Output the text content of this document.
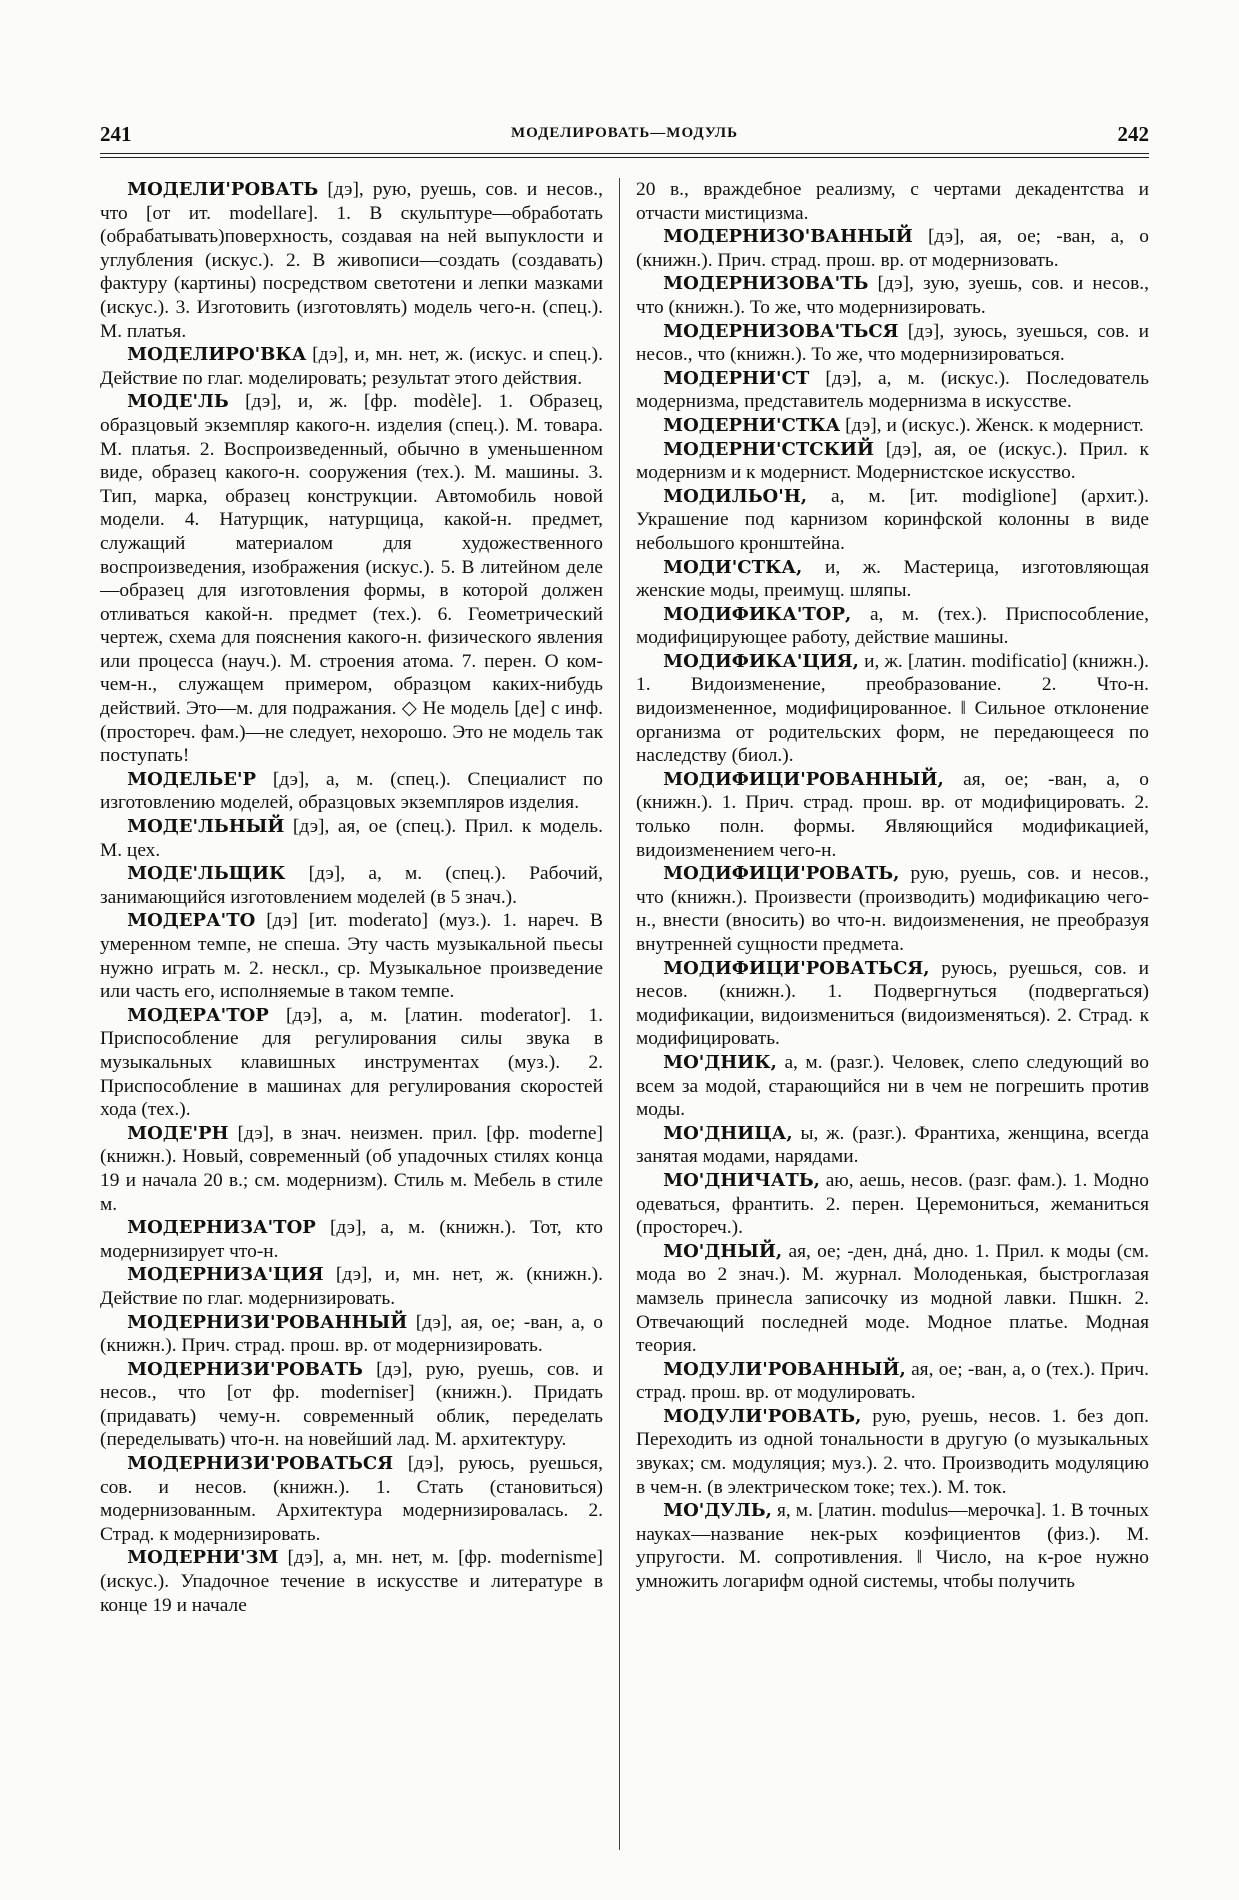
241	МОДЕЛИРОВАТЬ—МОДУЛЬ	242

МОДЕЛИ'РОВАТЬ [дэ], рую, руешь, сов. и несов., что [от ит. modellare]. 1. В скульптуре—обработать (обрабатывать)поверхность, создавая на ней выпуклости и углубления (искус.). 2. В живописи—создать (создавать) фактуру (картины) посредством светотени и лепки мазками (искус.). 3. Изготовить (изготовлять) модель чего-н. (спец.). М. платья.

МОДЕЛИРО'ВКА [дэ], и, мн. нет, ж. (искус. и спец.). Действие по глаг. моделировать; результат этого действия.

МОДЕ'ЛЬ [дэ], и, ж. [фр. modèle]. 1. Образец, образцовый экземпляр какого-н. изделия (спец.). М. товара. М. платья. 2. Воспроизведенный, обычно в уменьшенном виде, образец какого-н. сооружения (тех.). М. машины. 3. Тип, марка, образец конструкции. Автомобиль новой модели. 4. Натурщик, натурщица, какой-н. предмет, служащий материалом для художественного воспроизведения, изображения (искус.). 5. В литейном деле—образец для изготовления формы, в которой должен отливаться какой-н. предмет (тех.). 6. Геометрический чертеж, схема для пояснения какого-н. физического явления или процесса (науч.). М. строения атома. 7. перен. О ком-чем-н., служащем примером, образцом каких-нибудь действий. Это—м. для подражания. ◇ Не модель [де] с инф. (простореч. фам.)—не следует, нехорошо. Это не модель так поступать!

МОДЕЛЬЕ'Р [дэ], а, м. (спец.). Специалист по изготовлению моделей, образцовых экземпляров изделия.

МОДЕ'ЛЬНЫЙ [дэ], ая, ое (спец.). Прил. к модель. М. цех.

МОДЕ'ЛЬЩИК [дэ], а, м. (спец.). Рабочий, занимающийся изготовлением моделей (в 5 знач.).

МОДЕРА'ТО [дэ] [ит. moderato] (муз.). 1. нареч. В умеренном темпе, не спеша. Эту часть музыкальной пьесы нужно играть м. 2. нескл., ср. Музыкальное произведение или часть его, исполняемые в таком темпе.

МОДЕРА'ТОР [дэ], а, м. [латин. moderator]. 1. Приспособление для регулирования силы звука в музыкальных клавишных инструментах (муз.). 2. Приспособление в машинах для регулирования скоростей хода (тех.).

МОДЕ'РН [дэ], в знач. неизмен. прил. [фр. moderne] (книжн.). Новый, современный (об упадочных стилях конца 19 и начала 20 в.; см. модернизм). Стиль м. Мебель в стиле м.

МОДЕРНИЗА'ТОР [дэ], а, м. (книжн.). Тот, кто модернизирует что-н.

МОДЕРНИЗА'ЦИЯ [дэ], и, мн. нет, ж. (книжн.). Действие по глаг. модернизировать.

МОДЕРНИЗИ'РОВАННЫЙ [дэ], ая, ое; -ван, а, о (книжн.). Прич. страд. прош. вр. от модернизировать.

МОДЕРНИЗИ'РОВАТЬ [дэ], рую, руешь, сов. и несов., что [от фр. moderniser] (книжн.). Придать (придавать) чему-н. современный облик, переделать (переделывать) что-н. на новейший лад. М. архитектуру.

МОДЕРНИЗИ'РОВАТЬСЯ [дэ], руюсь, руешься, сов. и несов. (книжн.). 1. Стать (становиться) модернизованным. Архитектура модернизировалась. 2. Страд. к модернизировать.

МОДЕРНИ'ЗМ [дэ], а, мн. нет, м. [фр. modernisme] (искус.). Упадочное течение в искусстве и литературе в конце 19 и начале

20 в., враждебное реализму, с чертами декадентства и отчасти мистицизма.

МОДЕРНИЗО'ВАННЫЙ [дэ], ая, ое; -ван, а, о (книжн.). Прич. страд. прош. вр. от модернизовать.

МОДЕРНИЗОВА'ТЬ [дэ], зую, зуешь, сов. и несов., что (книжн.). То же, что модернизировать.

МОДЕРНИЗОВА'ТЬСЯ [дэ], зуюсь, зуешься, сов. и несов., что (книжн.). То же, что модернизироваться.

МОДЕРНИ'СТ [дэ], а, м. (искус.). Последователь модернизма, представитель модернизма в искусстве.

МОДЕРНИ'СТКА [дэ], и (искус.). Женск. к модернист.

МОДЕРНИ'СТСКИЙ [дэ], ая, ое (искус.). Прил. к модернизм и к модернист. Модернистское искусство.

МОДИЛЬО'Н, а, м. [ит. modiglione] (архит.). Украшение под карнизом коринфской колонны в виде небольшого кронштейна.

МОДИ'СТКА, и, ж. Мастерица, изготовляющая женские моды, преимущ. шляпы.

МОДИФИКА'ТОР, а, м. (тех.). Приспособление, модифицирующее работу, действие машины.

МОДИФИКА'ЦИЯ, и, ж. [латин. modificatio] (книжн.). 1. Видоизменение, преобразование. 2. Что-н. видоизмененное, модифицированное. ‖ Сильное отклонение организма от родительских форм, не передающееся по наследству (биол.).

МОДИФИЦИ'РОВАННЫЙ, ая, ое; -ван, а, о (книжн.). 1. Прич. страд. прош. вр. от модифицировать. 2. только полн. формы. Являющийся модификацией, видоизменением чего-н.

МОДИФИЦИ'РОВАТЬ, рую, руешь, сов. и несов., что (книжн.). Произвести (производить) модификацию чего-н., внести (вносить) во что-н. видоизменения, не преобразуя внутренней сущности предмета.

МОДИФИЦИ'РОВАТЬСЯ, руюсь, руешься, сов. и несов. (книжн.). 1. Подвергнуться (подвергаться) модификации, видоизмениться (видоизменяться). 2. Страд. к модифицировать.

МО'ДНИК, а, м. (разг.). Человек, слепо следующий во всем за модой, старающийся ни в чем не погрешить против моды.

МО'ДНИЦА, ы, ж. (разг.). Франтиха, женщина, всегда занятая модами, нарядами.

МО'ДНИЧАТЬ, аю, аешь, несов. (разг. фам.). 1. Модно одеваться, франтить. 2. перен. Церемониться, жеманиться (простореч.).

МО'ДНЫЙ, ая, ое; -ден, днá, дно. 1. Прил. к моды (см. мода во 2 знач.). М. журнал. Молоденькая, быстроглазая мамзель принесла записочку из модной лавки. Пшкн. 2. Отвечающий последней моде. Модное платье. Модная теория.

МОДУЛИ'РОВАННЫЙ, ая, ое; -ван, а, о (тех.). Прич. страд. прош. вр. от модулировать.

МОДУЛИ'РОВАТЬ, рую, руешь, несов. 1. без доп. Переходить из одной тональности в другую (о музыкальных звуках; см. модуляция; муз.). 2. что. Производить модуляцию в чем-н. (в электрическом токе; тех.). М. ток.

МО'ДУЛЬ, я, м. [латин. modulus—мерочка]. 1. В точных науках—название нек-рых коэфициентов (физ.). М. упругости. М. сопротивления. ‖ Число, на к-рое нужно умножить логарифм одной системы, чтобы получить
